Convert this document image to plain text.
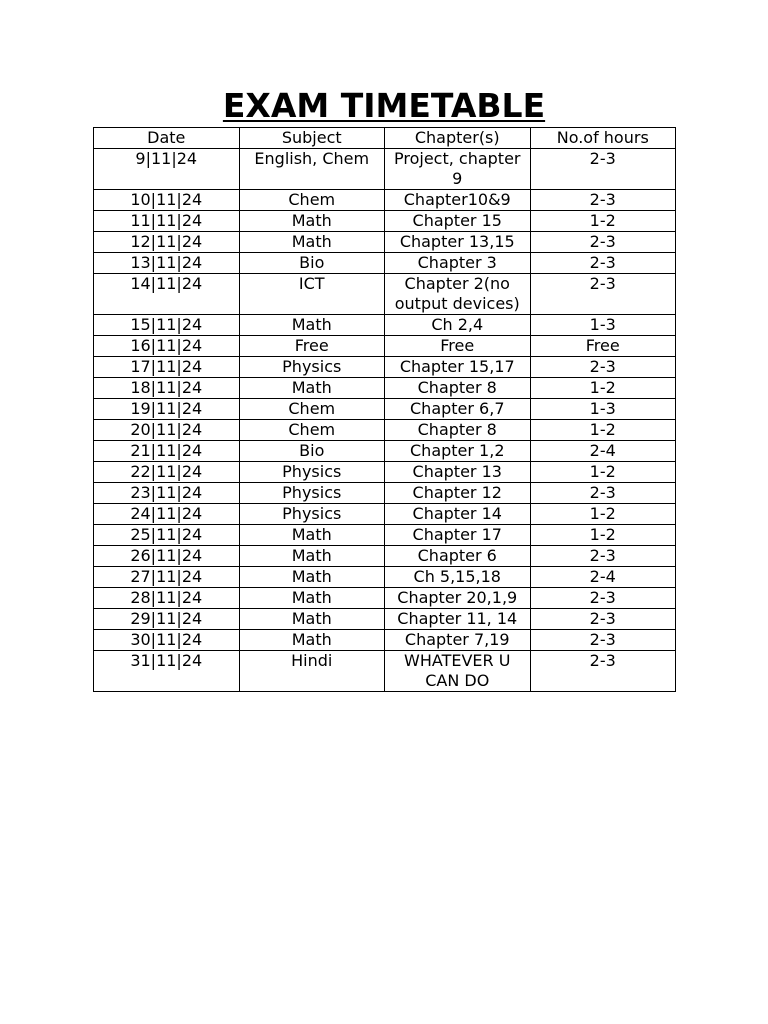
EXAM TIMETABLE
Date	Subject	Chapter(s)	No.of hours
9|11|24	English, Chem	Project, chapter 9	2-3
10|11|24	Chem	Chapter10&9	2-3
11|11|24	Math	Chapter 15	1-2
12|11|24	Math	Chapter 13,15	2-3
13|11|24	Bio	Chapter 3	2-3
14|11|24	ICT	Chapter 2(no output devices)	2-3
15|11|24	Math	Ch 2,4	1-3
16|11|24	Free	Free	Free
17|11|24	Physics	Chapter 15,17	2-3
18|11|24	Math	Chapter 8	1-2
19|11|24	Chem	Chapter 6,7	1-3
20|11|24	Chem	Chapter 8	1-2
21|11|24	Bio	Chapter 1,2	2-4
22|11|24	Physics	Chapter 13	1-2
23|11|24	Physics	Chapter 12	2-3
24|11|24	Physics	Chapter 14	1-2
25|11|24	Math	Chapter 17	1-2
26|11|24	Math	Chapter 6	2-3
27|11|24	Math	Ch 5,15,18	2-4
28|11|24	Math	Chapter 20,1,9	2-3
29|11|24	Math	Chapter 11, 14	2-3
30|11|24	Math	Chapter 7,19	2-3
31|11|24	Hindi	WHATEVER U CAN DO	2-3
